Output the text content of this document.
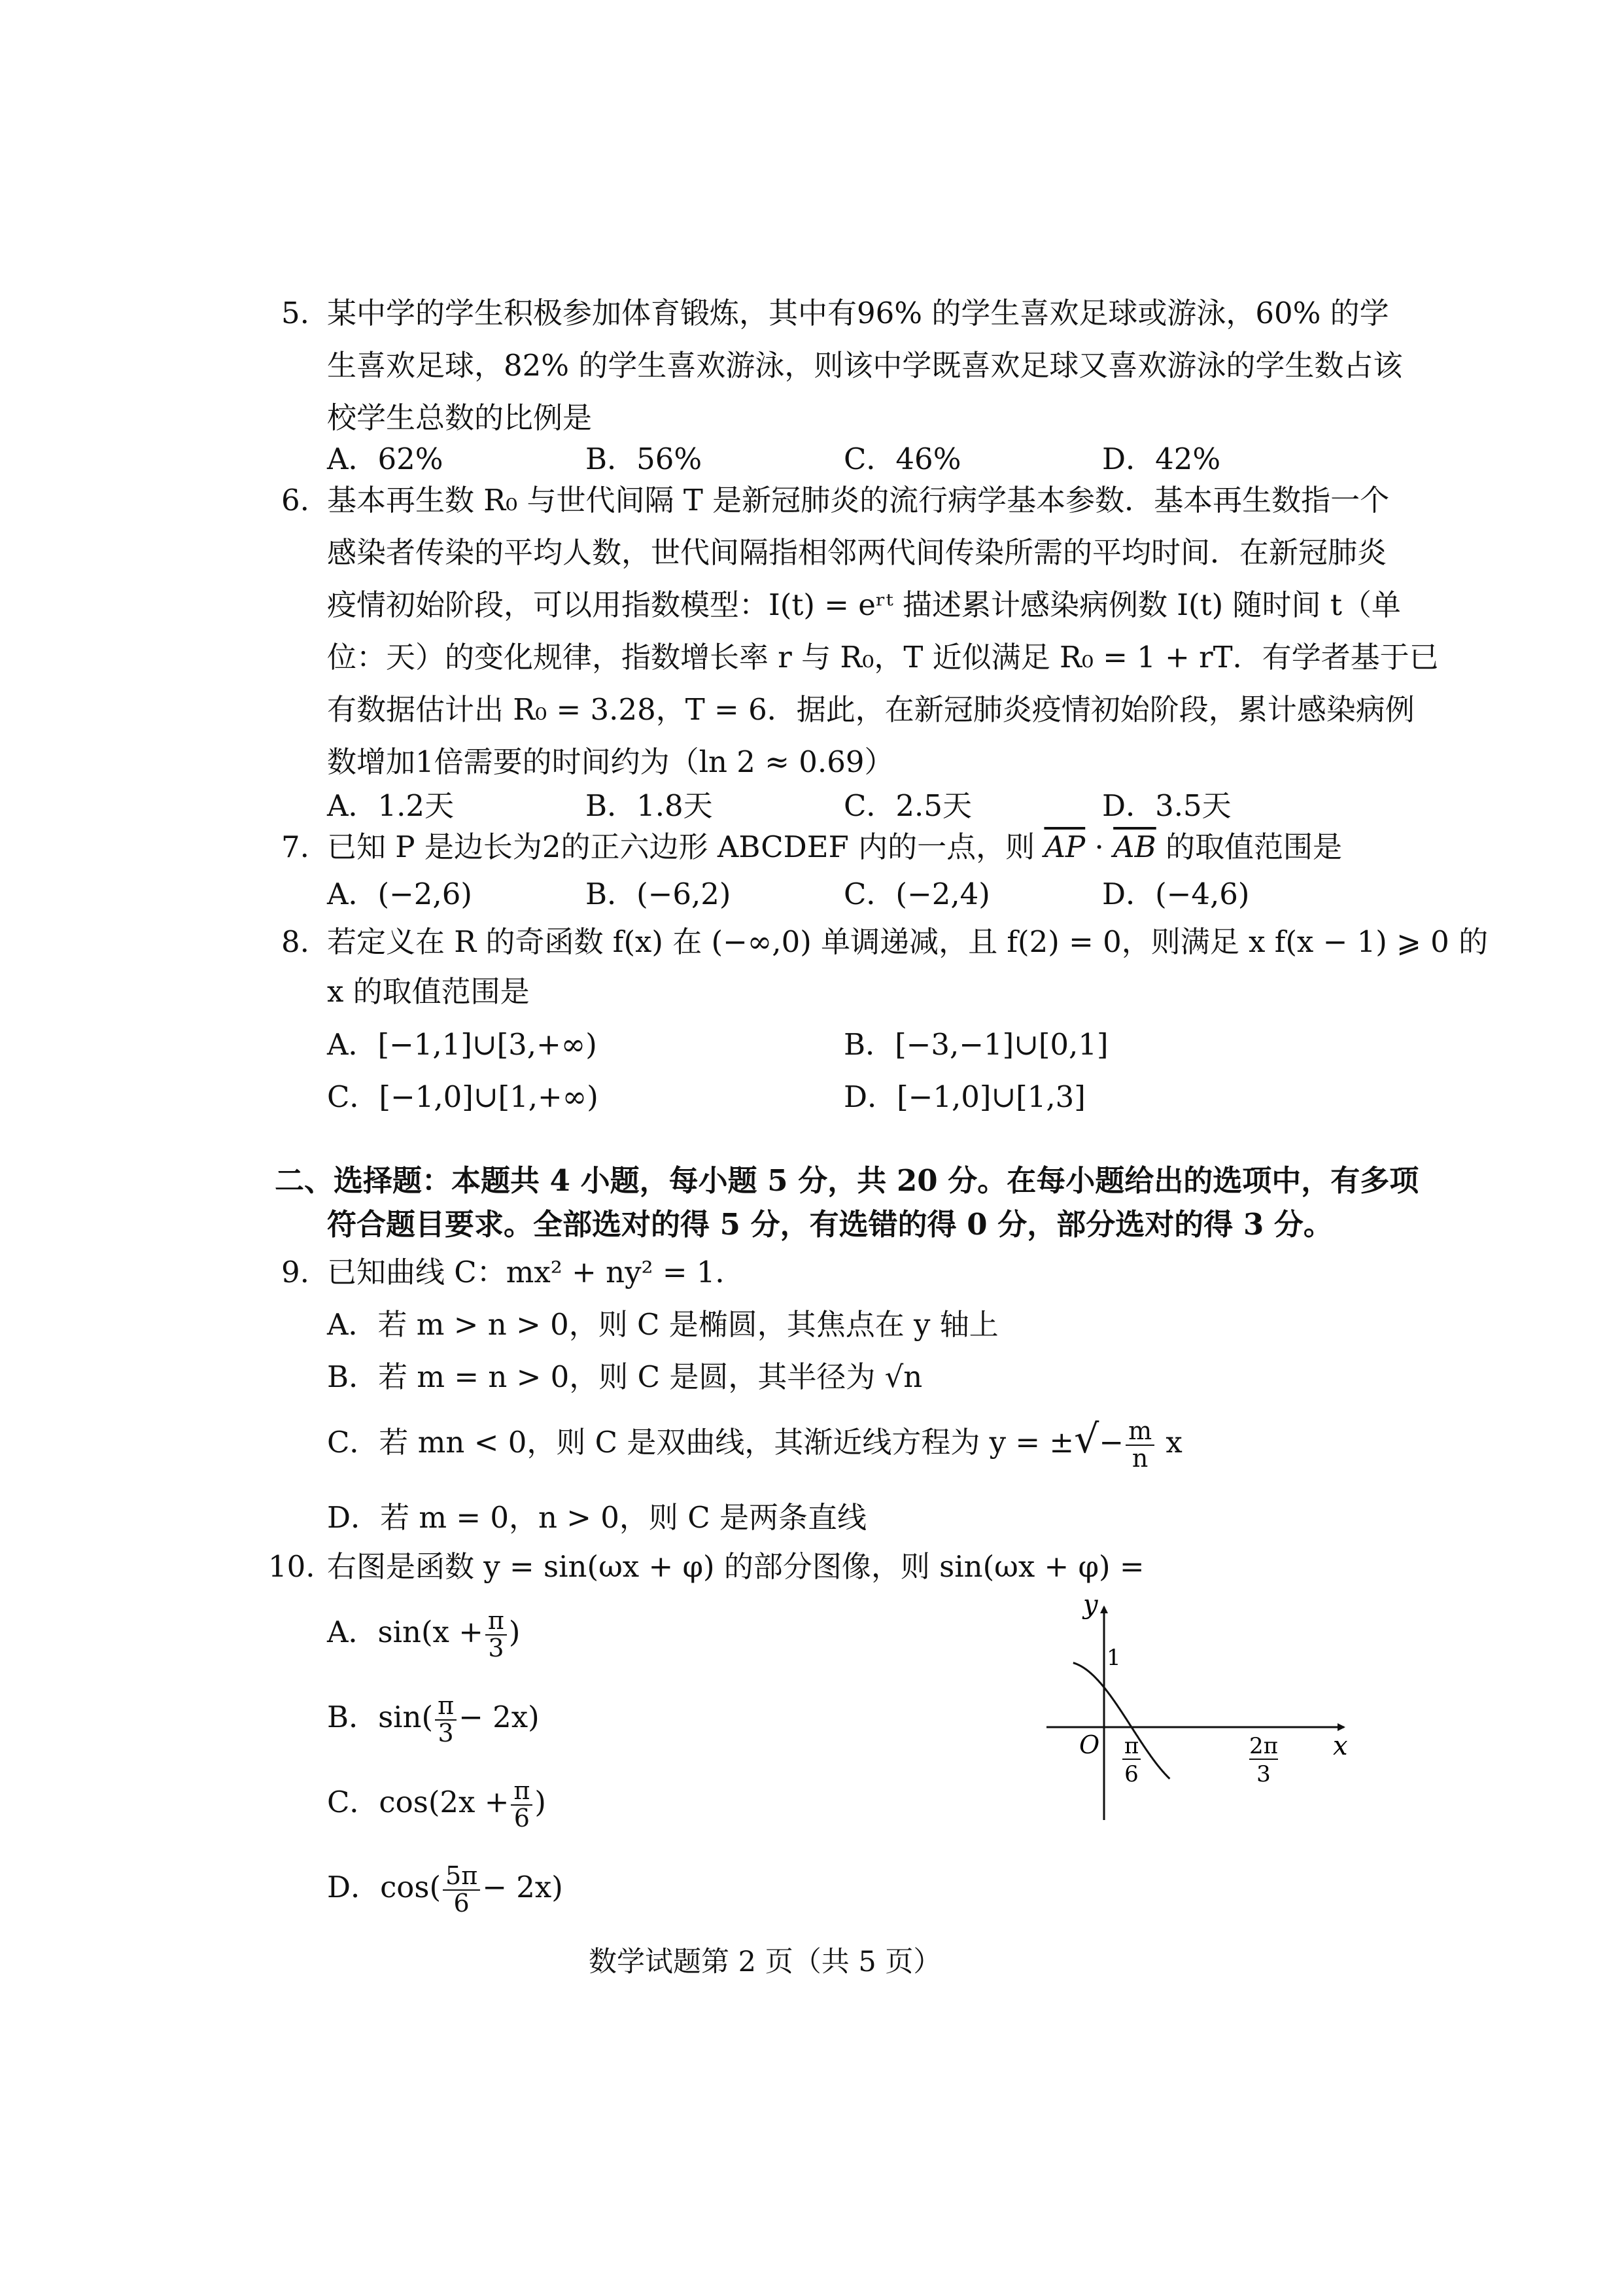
5. 某中学的学生积极参加体育锻炼，其中有96% 的学生喜欢足球或游泳，60% 的学
生喜欢足球，82% 的学生喜欢游泳，则该中学既喜欢足球又喜欢游泳的学生数占该
校学生总数的比例是
A．62%	B．56%	C．46%	D．42%
6. 基本再生数 R₀ 与世代间隔 T 是新冠肺炎的流行病学基本参数．基本再生数指一个
感染者传染的平均人数，世代间隔指相邻两代间传染所需的平均时间．在新冠肺炎
疫情初始阶段，可以用指数模型：I(t) = eʳᵗ 描述累计感染病例数 I(t) 随时间 t（单
位：天）的变化规律，指数增长率 r 与 R₀，T 近似满足 R₀ = 1 + rT．有学者基于已
有数据估计出 R₀ = 3.28，T = 6．据此，在新冠肺炎疫情初始阶段，累计感染病例
数增加1倍需要的时间约为（ln 2 ≈ 0.69）
A．1.2天	B．1.8天	C．2.5天	D．3.5天
7. 已知 P 是边长为2的正六边形 ABCDEF 内的一点，则 $\overline{AP} \cdot \overline{AB}$ 的取值范围是
A．(−2,6)	B．(−6,2)	C．(−2,4)	D．(−4,6)
8. 若定义在 R 的奇函数 f(x) 在 (−∞,0) 单调递减，且 f(2) = 0，则满足 x f(x − 1) ⩾ 0 的
x 的取值范围是
A．[−1,1]∪[3,+∞)	B．[−3,−1]∪[0,1]
C．[−1,0]∪[1,+∞)	D．[−1,0]∪[1,3]
二、选择题：本题共 4 小题，每小题 5 分，共 20 分。在每小题给出的选项中，有多项
符合题目要求。全部选对的得 5 分，有选错的得 0 分，部分选对的得 3 分。
9. 已知曲线 C：mx² + ny² = 1．
A．若 m > n > 0，则 C 是椭圆，其焦点在 y 轴上
B．若 m = n > 0，则 C 是圆，其半径为 √n
C．若 mn < 0，则 C 是双曲线，其渐近线方程为 y = ±√− $\frac{m}{n}$ x
D．若 m = 0，n > 0，则 C 是两条直线
10. 右图是函数 y = sin(ωx + φ) 的部分图像，则 sin(ωx + φ) =
A．$\sin(x + \frac{\pi}{3}$ )
B．$\sin( \frac{\pi}{3} - 2x)$
C．$\cos(2x + \frac{\pi}{6}$ )
D．$\cos( \frac{5\pi}{6} - 2x)$
y
x
O
1
π
6
2π
3
数学试题第 2 页（共 5 页）
